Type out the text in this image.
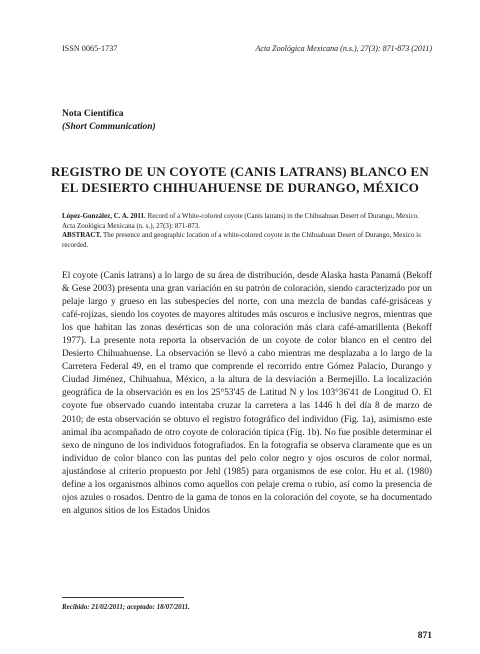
ISSN 0065-1737	Acta Zoológica Mexicana (n.s.), 27(3): 871-873 (2011)
Nota Científica
(Short Communication)
REGISTRO DE UN COYOTE (CANIS LATRANS) BLANCO EN
EL DESIERTO CHIHUAHUENSE DE DURANGO, MÉXICO
López-González, C. A. 2011. Record of a White-colored coyote (Canis latrans) in the Chihuahuan Desert of Durango, Mexico. Acta Zoológica Mexicana (n. s.), 27(3): 871-873.
ABSTRACT. The presence and geographic location of a white-colored coyote in the Chihuahuan Desert of Durango, Mexico is recorded.

El coyote (Canis latrans) a lo largo de su área de distribución, desde Alaska hasta Panamá (Bekoff & Gese 2003) presenta una gran variación en su patrón de coloración, siendo caracterizado por un pelaje largo y grueso en las subespecies del norte, con una mezcla de bandas café-grisáceas y café-rojizas, siendo los coyotes de mayores altitudes más oscuros e inclusive negros, mientras que los que habitan las zonas desérticas son de una coloración más clara café-amarillenta (Bekoff 1977). La presente nota reporta la observación de un coyote de color blanco en el centro del Desierto Chihuahuense. La observación se llevó a cabo mientras me desplazaba a lo largo de la Carretera Federal 49, en el tramo que comprende el recorrido entre Gómez Palacio, Durango y Ciudad Jiménez, Chihuahua, México, a la altura de la desviación a Bermejillo. La localización geográfica de la observación es en los 25°53'45 de Latitud N y los 103°36'41 de Longitud O. El coyote fue observado cuando intentaba cruzar la carretera a las 1446 h del día 8 de marzo de 2010; de esta observación se obtuvo el registro fotográfico del individuo (Fig. 1a), asimismo este animal iba acompañado de otro coyote de coloración típica (Fig. 1b). No fue posible determinar el sexo de ninguno de los individuos fotografiados. En la fotografía se observa claramente que es un individuo de color blanco con las puntas del pelo color negro y ojos oscuros de color normal, ajustándose al criterio propuesto por Jehl (1985) para organismos de ese color. Hu et al. (1980) define a los organismos albinos como aquellos con pelaje crema o rubio, así como la presencia de ojos azules o rosados. Dentro de la gama de tonos en la coloración del coyote, se ha documentado en algunos sitios de los Estados Unidos

Recibido: 21/02/2011; aceptado: 18/07/2011.
871
